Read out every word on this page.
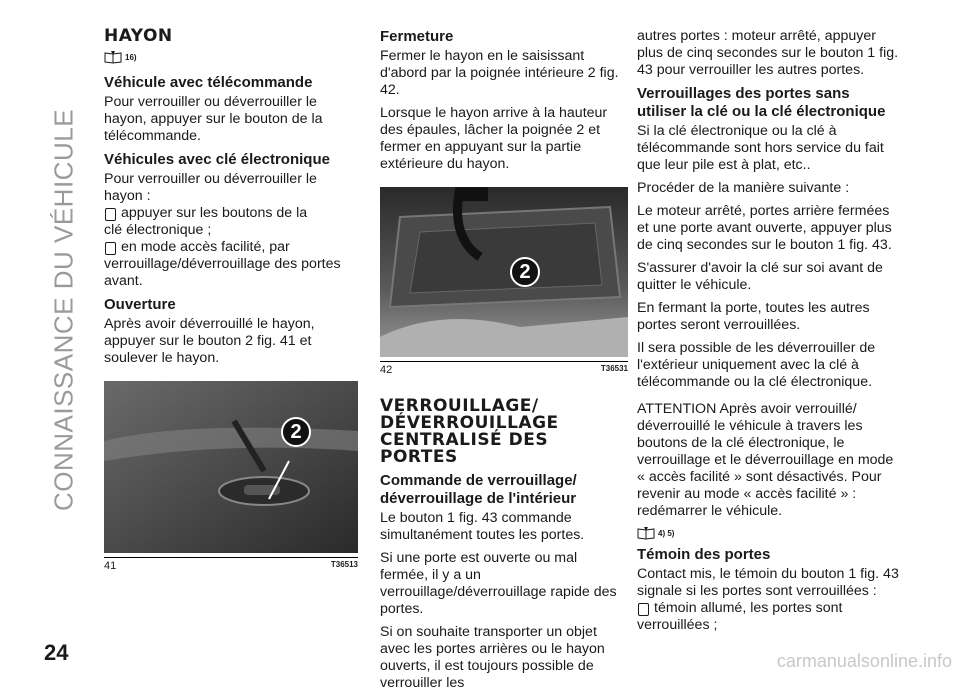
CONNAISSANCE DU VÉHICULE
24	carmanualsonline.info
HAYON
16)
Véhicule avec télécommande

Pour verrouiller ou déverrouiller le hayon, appuyer sur le bouton de la télécommande.

Véhicules avec clé électronique

Pour verrouiller ou déverrouiller le hayon :

appuyer sur les boutons de la
clé électronique ;
en mode accès facilité, par
verrouillage/déverrouillage des portes avant.
Ouverture

Après avoir déverrouillé le hayon, appuyer sur le bouton 2 fig. 41 et soulever le hayon.

2
41	T36513
Fermeture

Fermer le hayon en le saisissant d'abord par la poignée intérieure 2 fig. 42.

Lorsque le hayon arrive à la hauteur des épaules, lâcher la poignée 2 et fermer en appuyant sur la partie extérieure du hayon.

2
42	T36531
VERROUILLAGE/ DÉVERROUILLAGE CENTRALISÉ DES PORTES
Commande de verrouillage/ déverrouillage de l'intérieur

Le bouton 1 fig. 43 commande simultanément toutes les portes.

Si une porte est ouverte ou mal fermée, il y a un verrouillage/déverrouillage rapide des portes.

Si on souhaite transporter un objet avec les portes arrières ou le hayon ouverts, il est toujours possible de verrouiller les

autres portes : moteur arrêté, appuyer plus de cinq secondes sur le bouton 1 fig. 43 pour verrouiller les autres portes.

Verrouillages des portes sans utiliser la clé ou la clé électronique

Si la clé électronique ou la clé à télécommande sont hors service du fait que leur pile est à plat, etc..

Procéder de la manière suivante :

Le moteur arrêté, portes arrière fermées et une porte avant ouverte, appuyer plus de cinq secondes sur le bouton 1 fig. 43.

S'assurer d'avoir la clé sur soi avant de quitter le véhicule.

En fermant la porte, toutes les autres portes seront verrouillées.

Il sera possible de les déverrouiller de l'extérieur uniquement avec la clé à télécommande ou la clé électronique.

ATTENTION Après avoir verrouillé/ déverrouillé le véhicule à travers les boutons de la clé électronique, le verrouillage et le déverrouillage en mode « accès facilité » sont désactivés. Pour revenir au mode « accès facilité » : redémarrer le véhicule.

4) 5)
Témoin des portes

Contact mis, le témoin du bouton 1 fig. 43 signale si les portes sont verrouillées :

témoin allumé, les portes sont
verrouillées ;
